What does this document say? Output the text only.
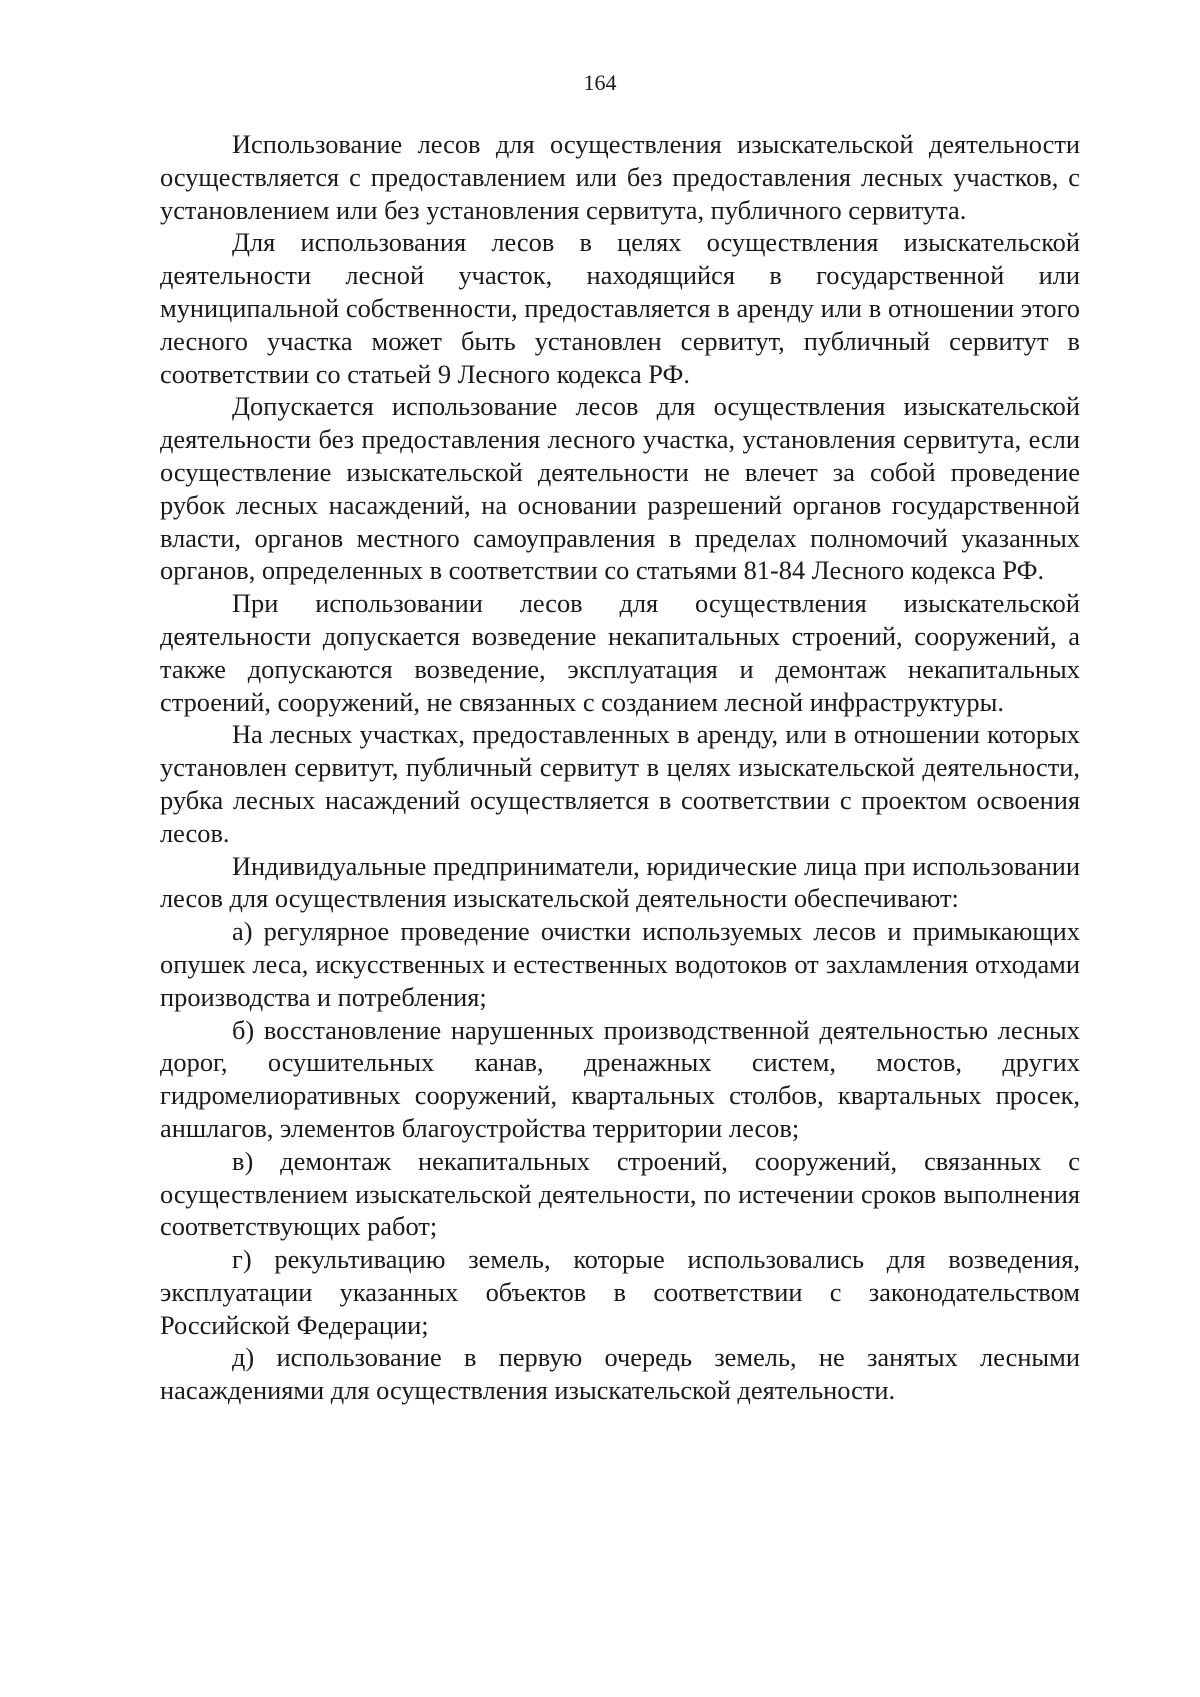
164

Использование лесов для осуществления изыскательской деятельности осуществляется с предоставлением или без предоставления лесных участков, с установлением или без установления сервитута, публичного сервитута.

Для использования лесов в целях осуществления изыскательской деятельности лесной участок, находящийся в государственной или муниципальной собственности, предоставляется в аренду или в отношении этого лесного участка может быть установлен сервитут, публичный сервитут в соответствии со статьей 9 Лесного кодекса РФ.

Допускается использование лесов для осуществления изыскательской деятельности без предоставления лесного участка, установления сервитута, если осуществление изыскательской деятельности не влечет за собой проведение рубок лесных насаждений, на основании разрешений органов государственной власти, органов местного самоуправления в пределах полномочий указанных органов, определенных в соответствии со статьями 81-84 Лесного кодекса РФ.

При использовании лесов для осуществления изыскательской деятельности допускается возведение некапитальных строений, сооружений, а также допускаются возведение, эксплуатация и демонтаж некапитальных строений, сооружений, не связанных с созданием лесной инфраструктуры.

На лесных участках, предоставленных в аренду, или в отношении которых установлен сервитут, публичный сервитут в целях изыскательской деятельности, рубка лесных насаждений осуществляется в соответствии с проектом освоения лесов.

Индивидуальные предприниматели, юридические лица при использовании лесов для осуществления изыскательской деятельности обеспечивают:

а) регулярное проведение очистки используемых лесов и примыкающих опушек леса, искусственных и естественных водотоков от захламления отходами производства и потребления;

б) восстановление нарушенных производственной деятельностью лесных дорог, осушительных канав, дренажных систем, мостов, других гидромелиоративных сооружений, квартальных столбов, квартальных просек, аншлагов, элементов благоустройства территории лесов;

в) демонтаж некапитальных строений, сооружений, связанных с осуществлением изыскательской деятельности, по истечении сроков выполнения соответствующих работ;

г) рекультивацию земель, которые использовались для возведения, эксплуатации указанных объектов в соответствии с законодательством Российской Федерации;

д) использование в первую очередь земель, не занятых лесными насаждениями для осуществления изыскательской деятельности.
